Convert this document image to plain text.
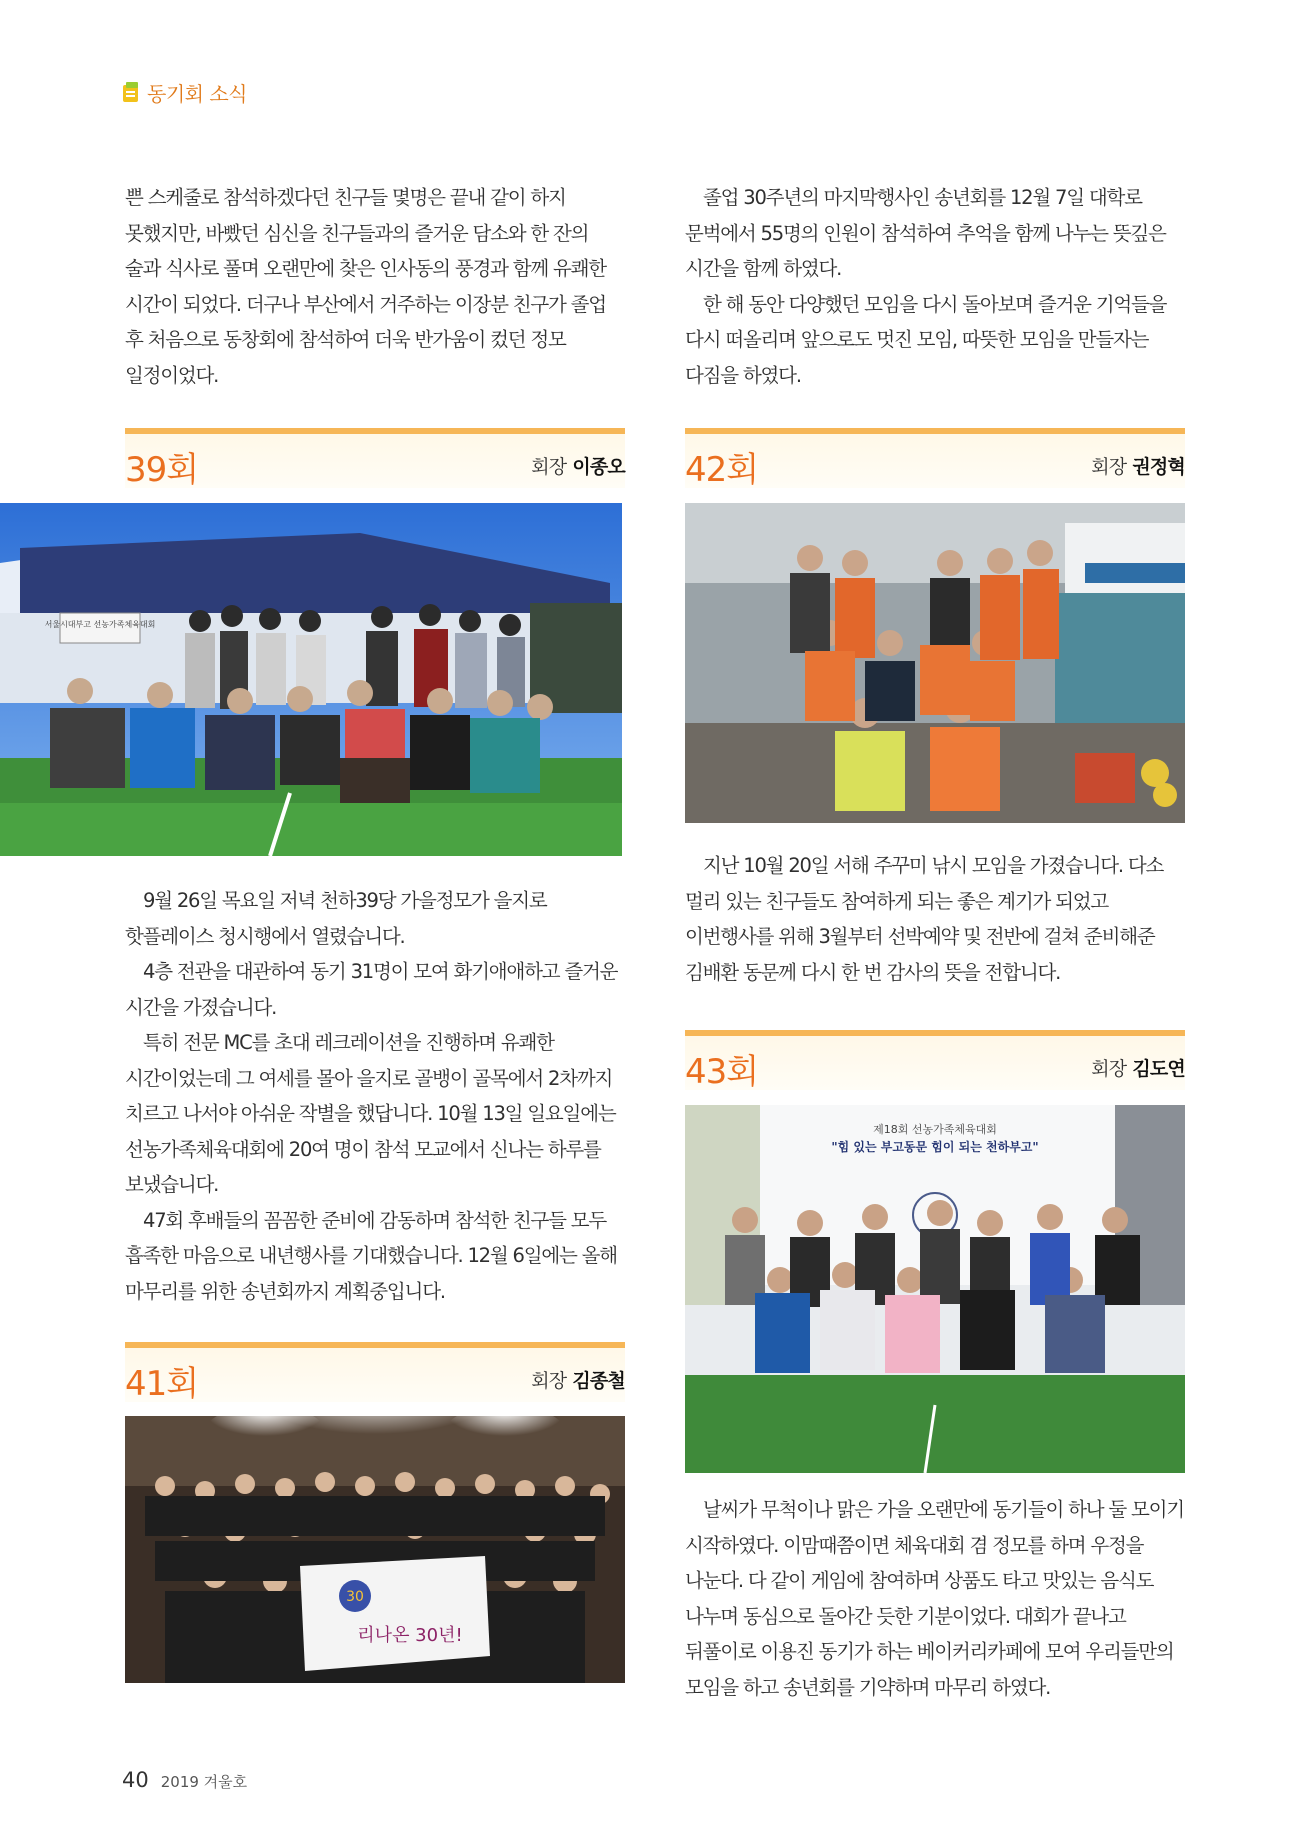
동기회 소식

쁜 스케줄로 참석하겠다던 친구들 몇명은 끝내 같이 하지 못했지만, 바빴던 심신을 친구들과의 즐거운 담소와 한 잔의 술과 식사로 풀며 오랜만에 찾은 인사동의 풍경과 함께 유쾌한 시간이 되었다. 더구나 부산에서 거주하는 이장분 친구가 졸업 후 처음으로 동창회에 참석하여 더욱 반가움이 컸던 정모 일정이었다.

39회	회장 이종오
서울시대부고 선농가족체육대회

9월 26일 목요일 저녁 천하39당 가을정모가 을지로 핫플레이스 청시행에서 열렸습니다.

4층 전관을 대관하여 동기 31명이 모여 화기애애하고 즐거운 시간을 가졌습니다.

특히 전문 MC를 초대 레크레이션을 진행하며 유쾌한 시간이었는데 그 여세를 몰아 을지로 골뱅이 골목에서 2차까지 치르고 나서야 아쉬운 작별을 했답니다. 10월 13일 일요일에는 선농가족체육대회에 20여 명이 참석 모교에서 신나는 하루를 보냈습니다.

47회 후배들의 꼼꼼한 준비에 감동하며 참석한 친구들 모두 흡족한 마음으로 내년행사를 기대했습니다. 12월 6일에는 올해 마무리를 위한 송년회까지 계획중입니다.

41회	회장 김종철
30
리나온 30년!

졸업 30주년의 마지막행사인 송년회를 12월 7일 대학로 문벅에서 55명의 인원이 참석하여 추억을 함께 나누는 뜻깊은 시간을 함께 하였다.

한 해 동안 다양했던 모임을 다시 돌아보며 즐거운 기억들을 다시 떠올리며 앞으로도 멋진 모임, 따뜻한 모임을 만들자는 다짐을 하였다.

42회	회장 권정혁

지난 10월 20일 서해 주꾸미 낚시 모임을 가졌습니다. 다소 멀리 있는 친구들도 참여하게 되는 좋은 계기가 되었고 이번행사를 위해 3월부터 선박예약 및 전반에 걸쳐 준비해준 김배환 동문께 다시 한 번 감사의 뜻을 전합니다.

43회	회장 김도연
제18회 선농가족체육대회
"힘 있는 부고동문 힘이 되는 천하부고"

날씨가 무척이나 맑은 가을 오랜만에 동기들이 하나 둘 모이기 시작하였다. 이맘때쯤이면 체육대회 겸 정모를 하며 우정을 나눈다. 다 같이 게임에 참여하며 상품도 타고 맛있는 음식도 나누며 동심으로 돌아간 듯한 기분이었다. 대회가 끝나고 뒤풀이로 이용진 동기가 하는 베이커리카페에 모여 우리들만의 모임을 하고 송년회를 기약하며 마무리 하였다.

40 2019 겨울호
